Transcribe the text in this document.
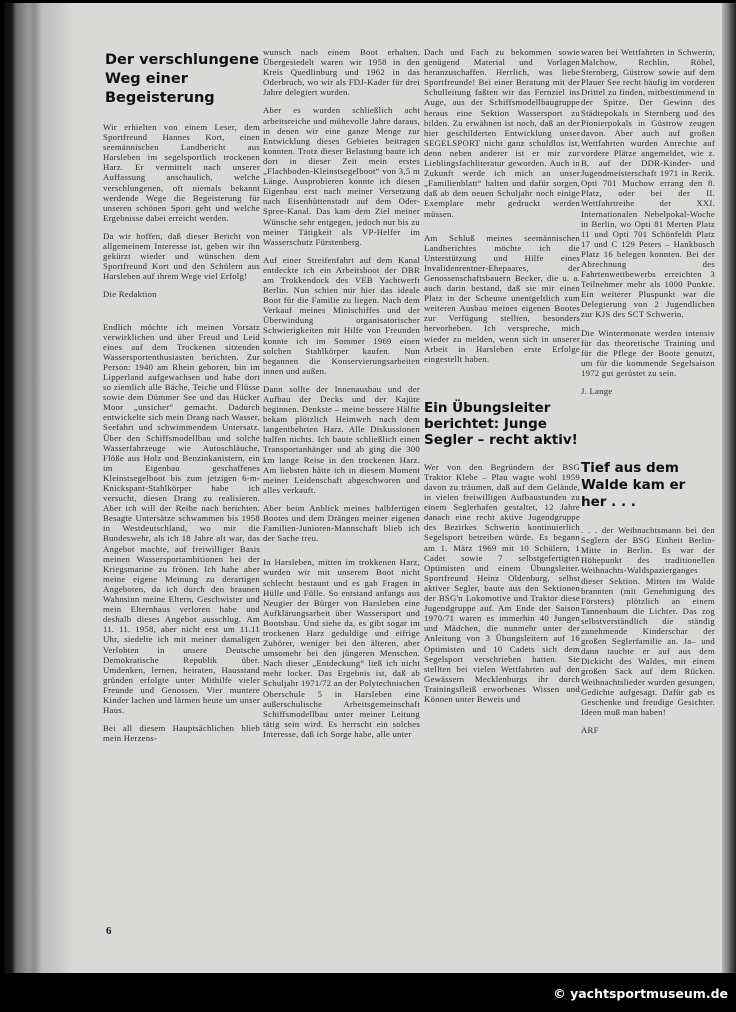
Der verschlungene Weg einer Begeisterung

Wir erhielten von einem Leser, dem Sportfreund Hannes Kort, einen seemännischen Landbericht aus Harsleben im segelsportlich trockenen Harz. Er vermittelt nach unserer Auffassung anschaulich, welche verschlungenen, oft niemals bekannt werdende Wege die Begeisterung für unseren schönen Sport geht und welche Ergebnisse dabei erreicht werden.

Da wir hoffen, daß dieser Bericht von allgemeinem Interesse ist, geben wir ihn gekürzt wieder und wünschen dem Sportfreund Kort und den Schülern aus Harsleben auf ihrem Wege viel Erfolg!

Die Redaktion

Endlich möchte ich meinen Vorsatz verwirklichen und über Freud und Leid eines auf dem Trockenen sitzenden Wassersportenthusiasten berichten. Zur Person: 1940 am Rhein geboren, bin im Lipperland aufgewachsen und habe dort so ziemlich alle Bäche, Teiche und Flüsse sowie dem Dümmer See und das Hücker Moor „unsicher“ gemacht. Dadurch entwickelte sich mein Drang nach Wasser, Seefahrt und schwimmendem Untersatz. Über den Schiffsmodellbau und solche Wasserfahrzeuge wie Autoschläuche, Flöße aus Holz und Benzinkanistern, ein im Eigenbau geschaffenes Kleinstsegelboot bis zum jetzigen 6-m-Knickspant-Stahlkörper habe ich versucht, diesen Drang zu realisieren. Aber ich will der Reihe nach berichten. Besagte Untersätze schwammen bis 1958 in Westdeutschland, wo mir die Bundeswehr, als ich 18 Jahre alt war, das Angebot machte, auf freiwilliger Basis meinen Wassersportambitionen bei der Kriegsmarine zu frönen. Ich habe aber meine eigene Meinung zu derartigen Angeboten, da ich durch den braunen Wahnsinn meine Eltern, Geschwister und mein Elternhaus verloren habe und deshalb dieses Angebot ausschlug. Am 11. 11. 1958, aber nicht erst um 11.11 Uhr, siedelte ich mit meiner damaligen Verlobten in unsere Deutsche Demokratische Republik über. Umdenken, lernen, heiraten, Hausstand gründen erfolgte unter Mithilfe vieler Freunde und Genossen. Vier muntere Kinder lachen und lärmen heute um unser Haus.

Bei all diesem Hauptsächlichen blieb mein Herzens-

wunsch nach einem Boot erhalten. Übergesiedelt waren wir 1958 in den Kreis Quedlinburg und 1962 in das Oderbruch, wo wir als FDJ-Kader für drei Jahre delegiert wurden.

Aber es wurden schließlich acht arbeitsreiche und mühevolle Jahre daraus, in denen wir eine ganze Menge zur Entwicklung dieses Gebietes beitragen konnten. Trotz dieser Belastung baute ich dort in dieser Zeit mein erstes „Flachboden-Kleinstsegelboot“ von 3,5 m Länge. Ausprobieren konnte ich diesen Eigenbau erst nach meiner Versetzung nach Eisenhüttenstadt auf dem Oder-Spree-Kanal. Das kam dem Ziel meiner Wünsche sehr entgegen, jedoch nur bis zu meiner Tätigkeit als VP-Helfer im Wasserschutz Fürstenberg.

Auf einer Streifenfahrt auf dem Kanal entdeckte ich ein Arbeitsboot der DBR am Trokkendock des VEB Yachtwerft Berlin. Nun schien mir hier das ideale Boot für die Familie zu liegen. Nach dem Verkauf meines Minischiffes und der Überwindung organisatorischer Schwierigkeiten mit Hilfe von Freunden konnte ich im Sommer 1969 einen solchen Stahlkörper kaufen. Nun begannen die Konservierungsarbeiten innen und außen.

Dann sollte der Innenausbau und der Aufbau der Decks und der Kajüte beginnen. Denkste – meine bessere Hälfte bekam plötzlich Heimweh nach dem langentbehrten Harz. Alle Diskussionen halfen nichts. Ich baute schließlich einen Transportanhänger und ab ging die 300 km lange Reise in den trockenen Harz. Am liebsten hätte ich in diesem Moment meiner Leidenschaft abgeschworen und alles verkauft.

Aber beim Anblick meines halbfertigen Bootes und dem Drängen meiner eigenen Familien-Junioren-Mannschaft blieb ich der Sache treu.

In Harsleben, mitten im trokkenen Harz, wurden wir mit unserem Boot nicht schlecht bestaunt und es gab Fragen in Hülle und Fülle. So entstand anfangs aus Neugier der Bürger von Harsleben eine Aufklärungsarbeit über Wassersport und Bootsbau. Und siehe da, es gibt sogar im trockenen Harz geduldige und eifrige Zuhörer, weniger bei den älteren, aber umsomehr bei den jüngeren Menschen. Nach dieser „Entdeckung“ ließ ich nicht mehr locker. Das Ergebnis ist, daß ab Schuljahr 1971/72 an der Polytechnischen Oberschule 5 in Harsleben eine außerschulische Arbeitsgemeinschaft Schiffsmodellbau unter meiner Leitung tätig sein wird. Es herrscht ein solches Interesse, daß ich Sorge habe, alle unter

Dach und Fach zu bekommen sowie genügend Material und Vorlagen heranzuschaffen. Herrlich, was liebe Sportfreunde! Bei einer Beratung mit der Schulleitung faßten wir das Fernziel ins Auge, aus der Schiffsmodellbaugruppe heraus eine Sektion Wassersport zu bilden. Zu erwähnen ist noch, daß an der hier geschilderten Entwicklung unser SEGELSPORT nicht ganz schuldlos ist, denn neben anderer ist er mir zur Lieblingsfachliteratur geworden. Auch in Zukunft werde ich mich an unser „Familienblatt“ halten und dafür sorgen, daß ab dem neuen Schuljahr noch einige Exemplare mehr gedruckt werden müssen.

Am Schluß meines seemännischen Landberichtes möchte ich die Unterstützung und Hilfe eines Invalidenrentner-Ehepaares, der Genossenschaftsbauern Becker, die u. a. auch darin bestand, daß sie mir einen Platz in der Scheune unentgeltlich zum weiteren Ausbau meines eigenen Bootes zur Verfügung stellten, besonders hervorheben. Ich verspreche, mich wieder zu melden, wenn sich in unserer Arbeit in Harsleben erste Erfolge eingestellt haben.

Ein Übungsleiter berichtet: Junge Segler – recht aktiv!

Wer von den Begründern der BSG Traktor Klebe – Plau wagte wohl 1959 davon zu träumen, daß auf dem Gelände, in vielen freiwilligen Aufbaustunden zu einem Seglerhafen gestaltet, 12 Jahre danach eine recht aktive Jugendgruppe des Bezirkes Schwerin kontinuierlich Segelsport betreiben würde. Es begann am 1. März 1969 mit 10 Schülern, 1 Cadet sowie 7 selbstgefertigten Optimisten und einem Übungsleiter. Sportfreund Heinz Oldenburg, selbst aktiver Segler, baute aus den Sektionen der BSG'n Lokomotive und Traktor diese Jugendgruppe auf. Am Ende der Saison 1970/71 waren es immerhin 40 Jungen und Mädchen, die nunmehr unter der Anleitung von 3 Übungsleitern auf 16 Optimisten und 10 Cadets sich dem Segelsport verschrieben hatten. Sie stellten bei vielen Wettfahrten auf den Gewässern Mecklenburgs ihr durch Trainingsfleiß erworbenes Wissen und Können unter Beweis und

waren bei Wettfahrten in Schwerin, Malchow, Rechlin, Röbel, Sternberg, Güstrow sowie auf dem Plauer See recht häufig im vorderen Drittel zu finden, mitbestimmend in der Spitze. Der Gewinn des Städtepokals in Sternberg und des Pionierpokals in Güstrow zeugen davon. Aber auch auf großen Wettfahrten wurden Anrechte auf vordere Plätze angemeldet, wie z. B. auf der DDR-Kinder- und Jugendmeisterschaft 1971 in Rerik. Opti 701 Muchow errang den 8. Platz, oder bei der II. Wettfahrtreihe der XXI. Internationalen Nebelpokal-Woche in Berlin, wo Opti 81 Merten Platz 11 und Opti 701 Schönfeldt Platz 17 und C 129 Peters – Hankbusch Platz 16 belegen konnten. Bei der Abrechnung des Fahrtenwettbewerbs erreichten 3 Teilnehmer mehr als 1000 Punkte. Ein weiterer Pluspunkt war die Delegierung von 2 Jugendlichen zur KJS des SCT Schwerin.

Die Wintermonate werden intensiv für das theoretische Training und für die Pflege der Boote genutzt, um für die kommende Segelsaison 1972 gut gerüstet zu sein.

J. Lange

Tief aus dem Walde kam er her . . .

. . . der Weihnachtsmann bei den Seglern der BSG Einheit Berlin-Mitte in Berlin. Es war der Höhepunkt des traditionellen Weihnachts-Waldspazierganges dieser Sektion. Mitten im Walde brannten (mit Genehmigung des Försters) plötzlich an einem Tannenbaum die Lichter. Das zog selbstverständlich die ständig zunehmende Kinderschar der großen Seglerfamilie an. Ja– und dann tauchte er auf aus dem Dickicht des Waldes, mit einem großen Sack auf dem Rücken. Weihnachtslieder wurden gesungen, Gedichte aufgesagt. Dafür gab es Geschenke und freudige Gesichter. Ideen muß man haben!

ARF

6
© yachtsportmuseum.de
